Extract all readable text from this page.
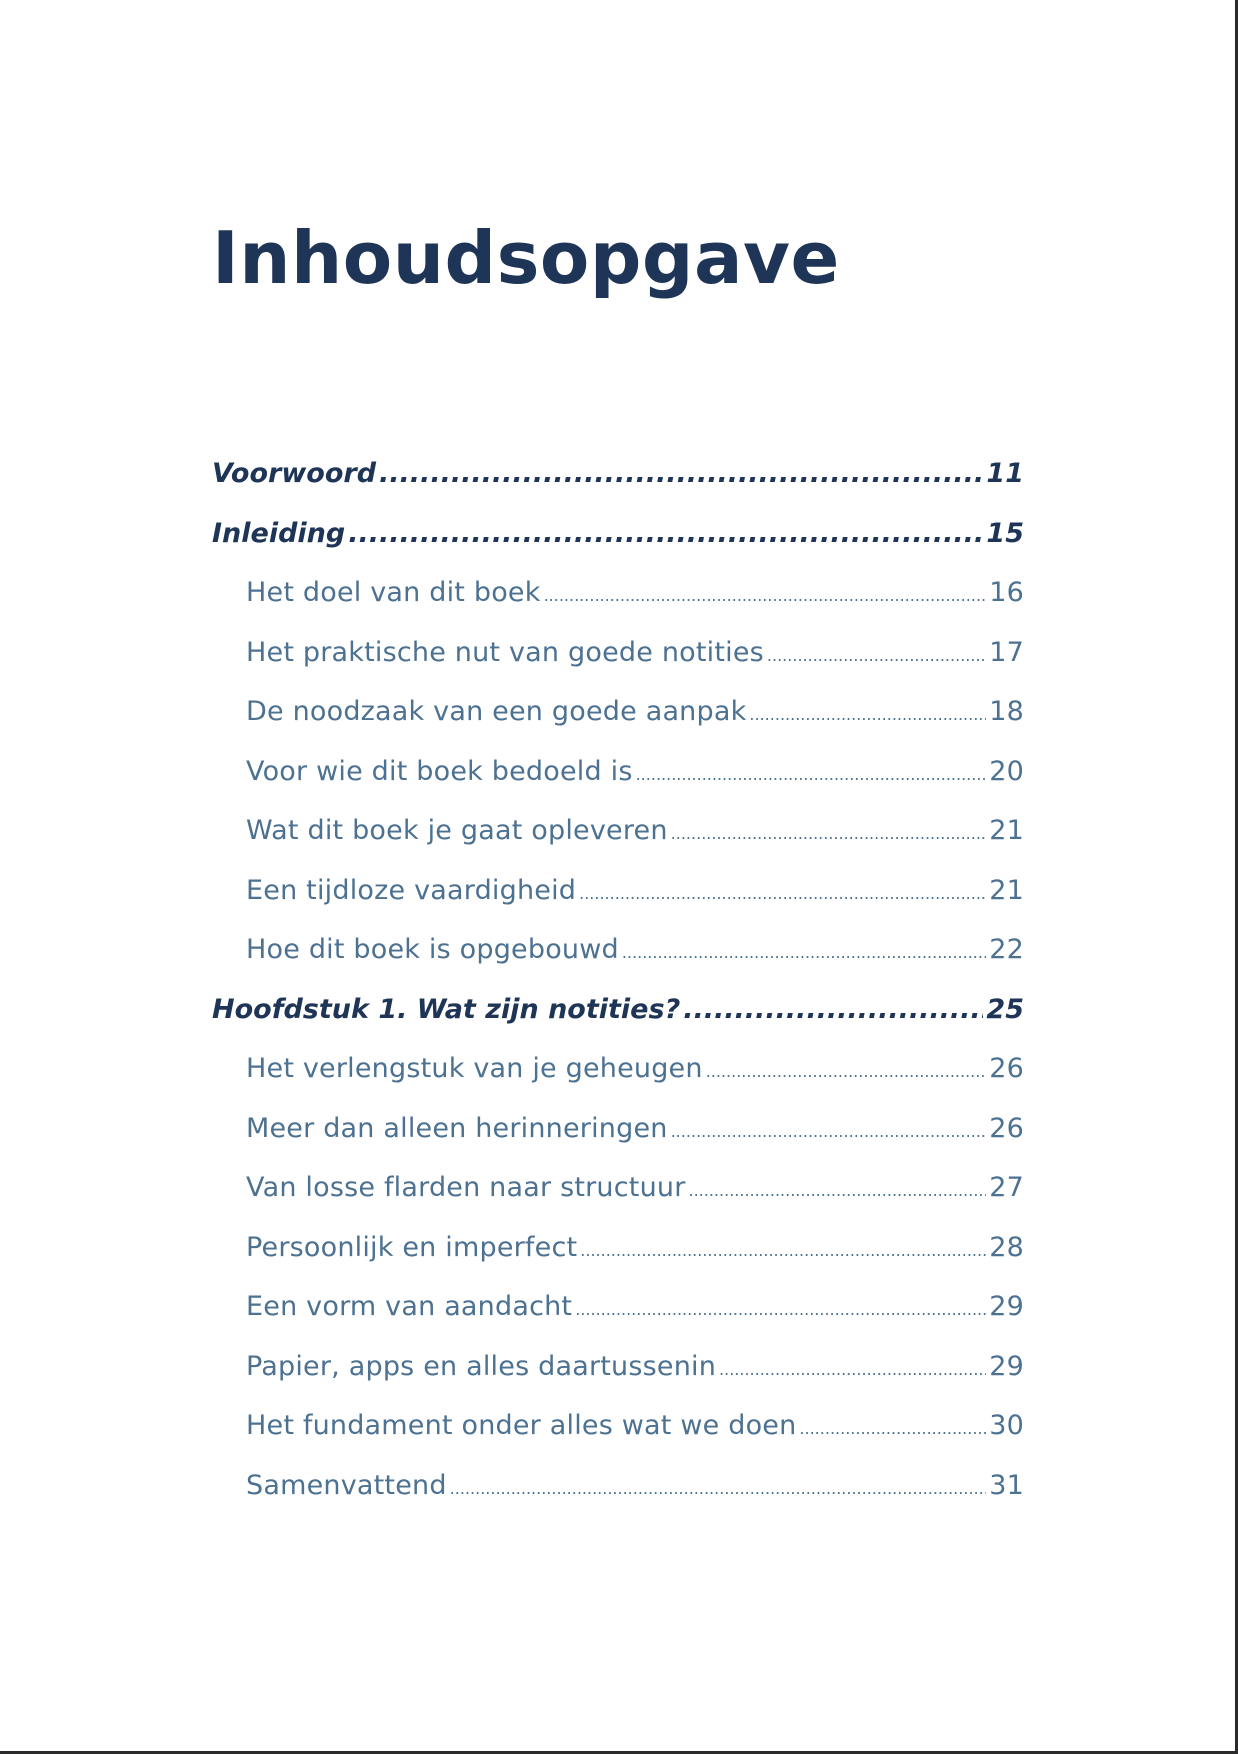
Inhoudsopgave
Voorwoord .....	11
Inleiding .....	15
Het doel van dit boek .....	16
Het praktische nut van goede notities .....	17
De noodzaak van een goede aanpak .....	18
Voor wie dit boek bedoeld is .....	20
Wat dit boek je gaat opleveren .....	21
Een tijdloze vaardigheid .....	21
Hoe dit boek is opgebouwd .....	22
Hoofdstuk 1. Wat zijn notities? .....	25
Het verlengstuk van je geheugen .....	26
Meer dan alleen herinneringen .....	26
Van losse flarden naar structuur .....	27
Persoonlijk en imperfect .....	28
Een vorm van aandacht .....	29
Papier, apps en alles daartussenin .....	29
Het fundament onder alles wat we doen .....	30
Samenvattend .....	31
